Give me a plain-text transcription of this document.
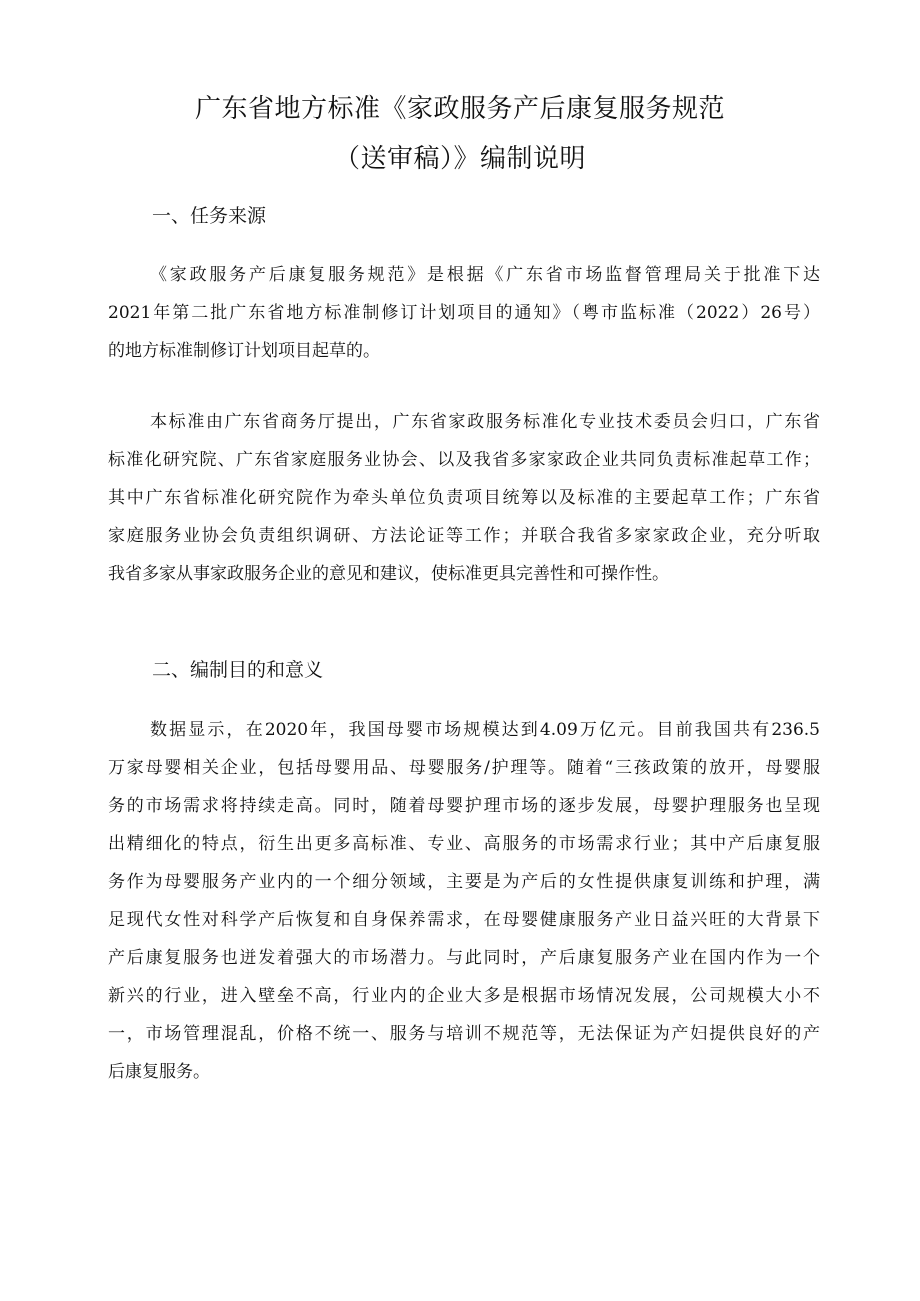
广东省地方标准《家政服务产后康复服务规范
（送审稿）》编制说明
一、任务来源
《家政服务产后康复服务规范》是根据《广东省市场监督管理局关于批准下达
2021年第二批广东省地方标准制修订计划项目的通知》（粤市监标准（2022）26号）
的地方标准制修订计划项目起草的。
本标准由广东省商务厅提出，广东省家政服务标准化专业技术委员会归口，广东省
标准化研究院、广东省家庭服务业协会、以及我省多家家政企业共同负责标准起草工作；
其中广东省标准化研究院作为牵头单位负责项目统筹以及标准的主要起草工作；广东省
家庭服务业协会负责组织调研、方法论证等工作；并联合我省多家家政企业，充分听取
我省多家从事家政服务企业的意见和建议，使标准更具完善性和可操作性。
二、编制目的和意义
数据显示，在2020年，我国母婴市场规模达到4.09万亿元。目前我国共有236.5
万家母婴相关企业，包括母婴用品、母婴服务/护理等。随着“三孩政策的放开，母婴服
务的市场需求将持续走高。同时，随着母婴护理市场的逐步发展，母婴护理服务也呈现
出精细化的特点，衍生出更多高标准、专业、高服务的市场需求行业；其中产后康复服
务作为母婴服务产业内的一个细分领域，主要是为产后的女性提供康复训练和护理，满
足现代女性对科学产后恢复和自身保养需求，在母婴健康服务产业日益兴旺的大背景下
产后康复服务也迸发着强大的市场潜力。与此同时，产后康复服务产业在国内作为一个
新兴的行业，进入壁垒不高，行业内的企业大多是根据市场情况发展，公司规模大小不
一，市场管理混乱，价格不统一、服务与培训不规范等，无法保证为产妇提供良好的产
后康复服务。
